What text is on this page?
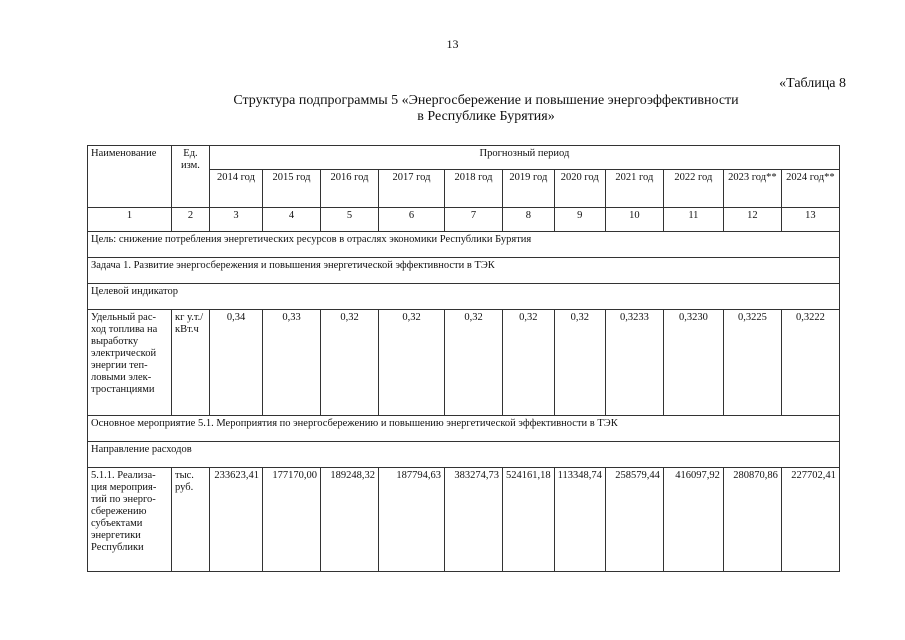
13
«Таблица 8
Структура подпрограммы 5 «Энергосбережение и повышение энергоэффективности
в Республике Бурятия»
Наименование	Ед. изм.	Прогнозный период										
		2014 год	2015 год	2016 год	2017 год	2018 год	2019 год	2020 год	2021 год	2022 год	2023 год**	2024 год**
1	2	3	4	5	6	7	8	9	10	11	12	13
Цель: снижение потребления энергетических ресурсов в отраслях экономики Республики Бурятия												
Задача 1. Развитие энергосбережения и повышения энергетической эффективности в ТЭК												
Целевой индикатор												
Удельный рас-ход топлива на выработку электрической энергии теп-ловыми элек-тростанциями	кг у.т./ кВт.ч	0,34	0,33	0,32	0,32	0,32	0,32	0,32	0,3233	0,3230	0,3225	0,3222
Основное мероприятие 5.1. Мероприятия по энергосбережению и повышению энергетической эффективности в ТЭК												
Направление расходов												
5.1.1. Реализа-ция мероприя-тий по энерго-сбережению субъектами энергетики Республики	тыс. руб.	233623,41	177170,00	189248,32	187794,63	383274,73	524161,18	113348,74	258579,44	416097,92	280870,86	227702,41
